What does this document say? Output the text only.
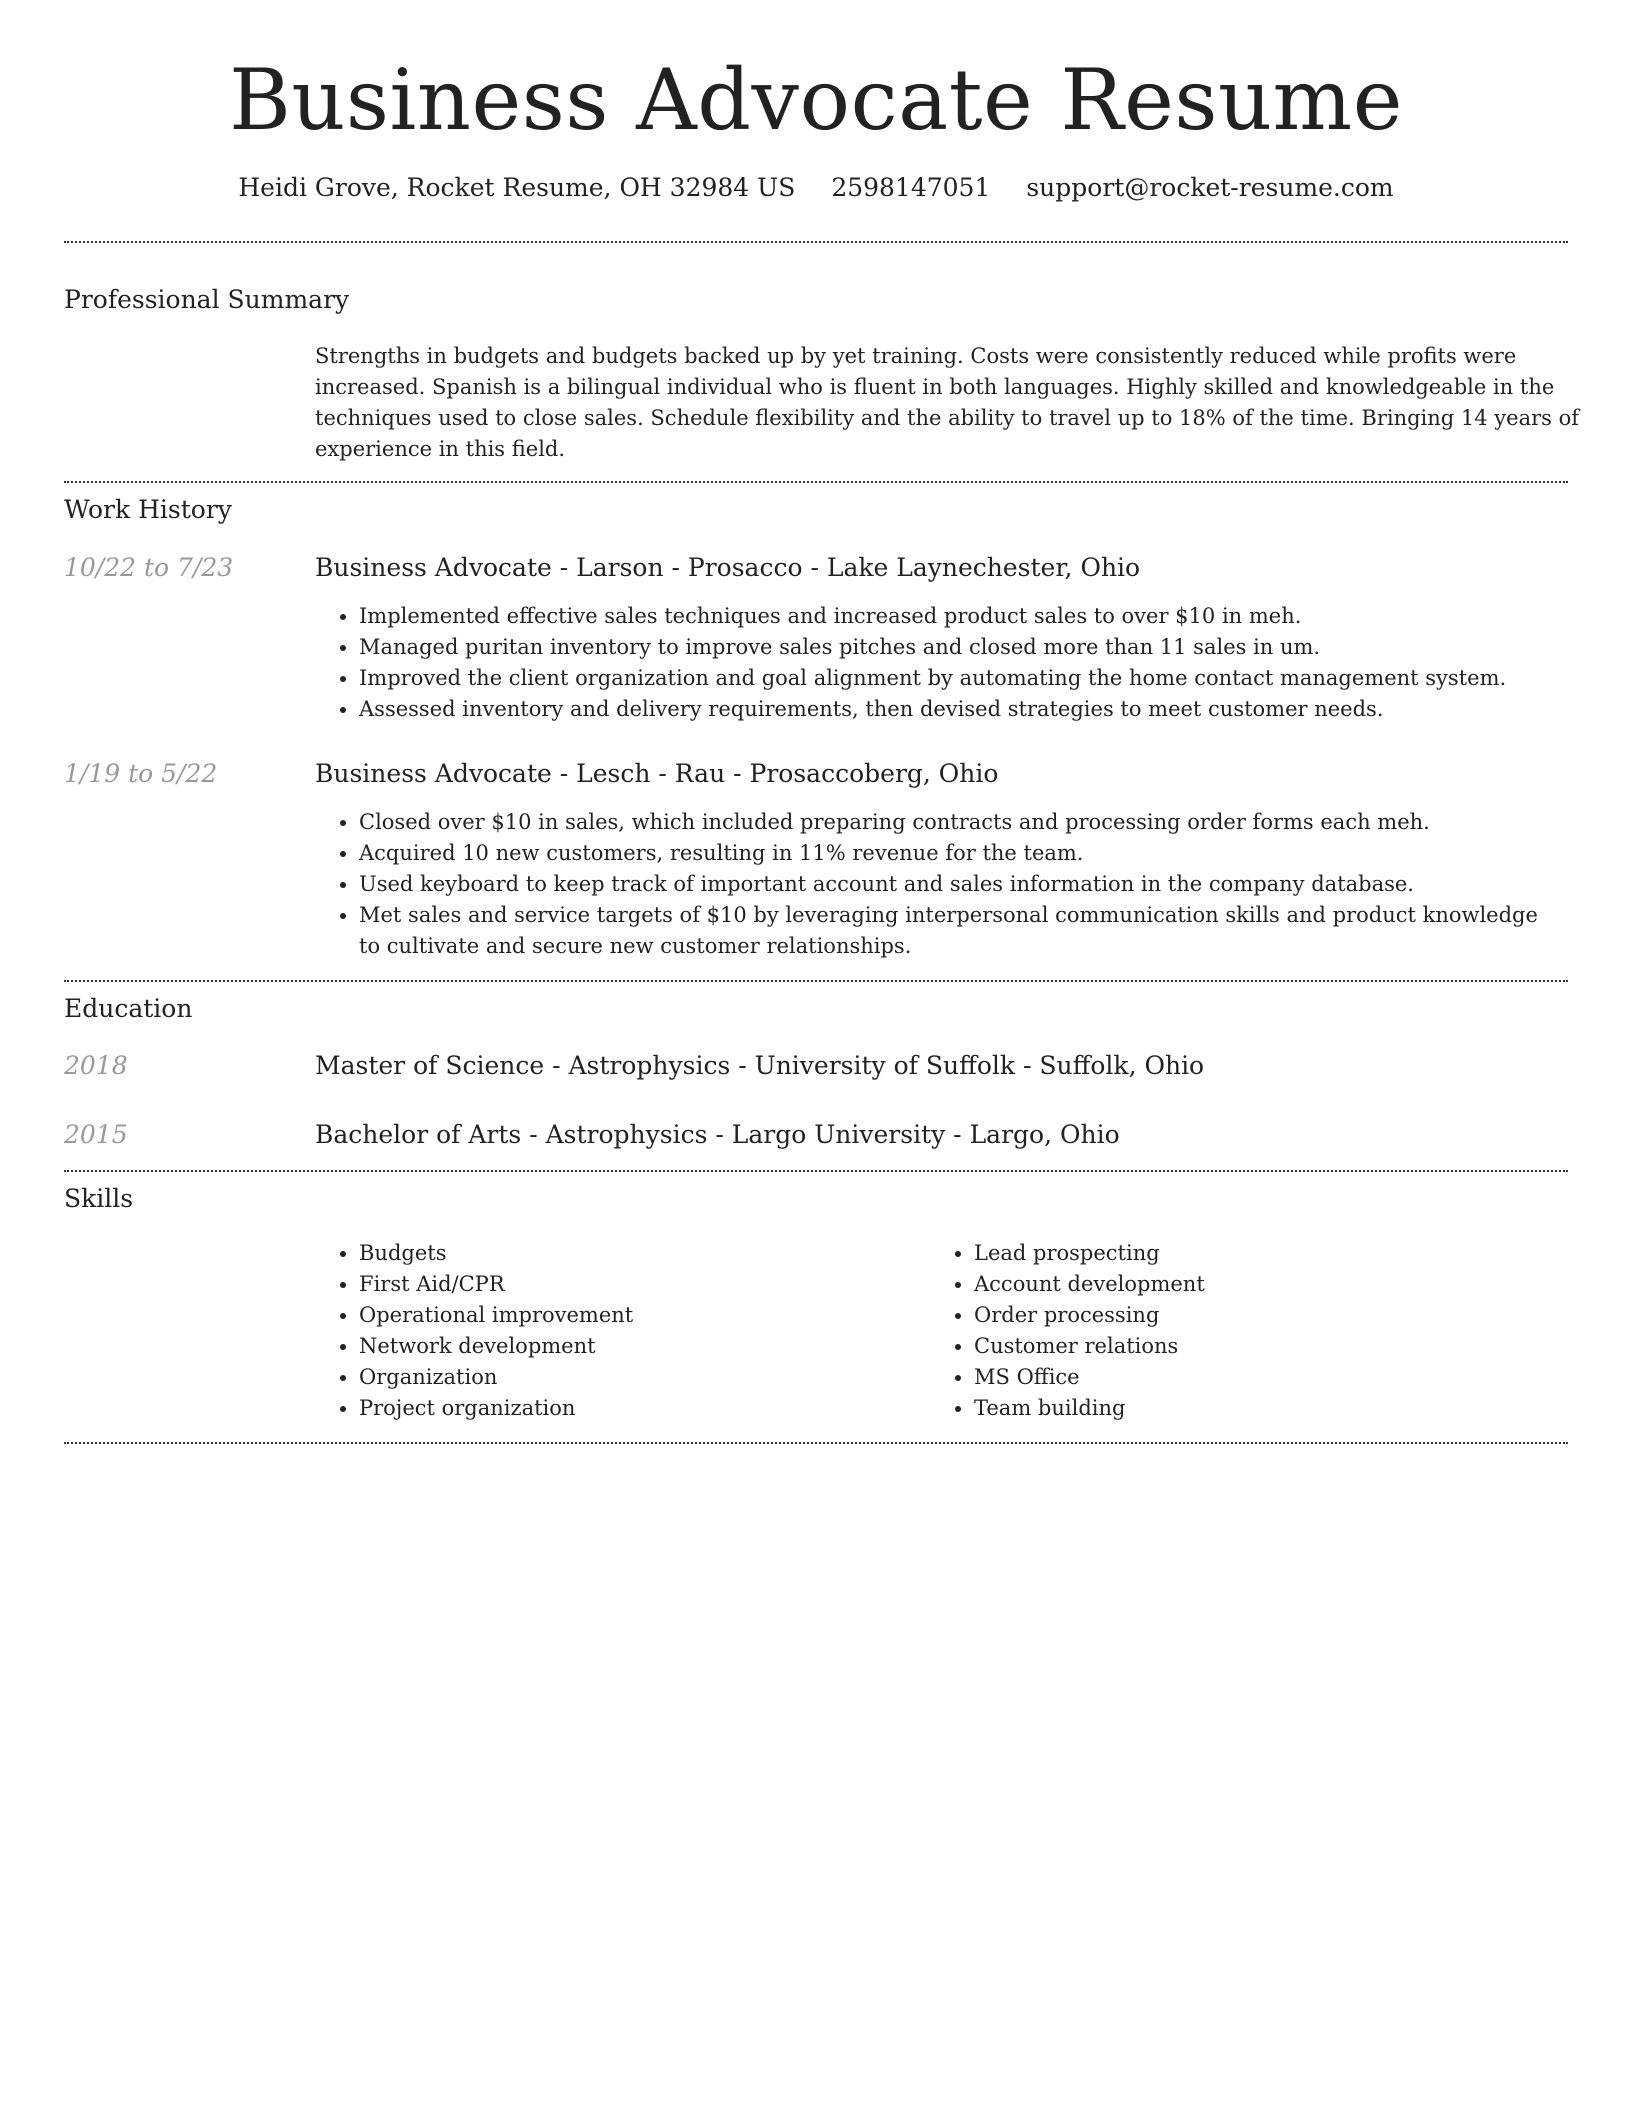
Business Advocate Resume
Heidi Grove, Rocket Resume, OH 32984 US 2598147051 support@rocket-resume.com
Professional Summary

Strengths in budgets and budgets backed up by yet training. Costs were consistently reduced while profits were increased. Spanish is a bilingual individual who is fluent in both languages. Highly skilled and knowledgeable in the techniques used to close sales. Schedule flexibility and the ability to travel up to 18% of the time. Bringing 14 years of experience in this field.

Work History
10/22 to 7/23	Business Advocate - Larson - Prosacco - Lake Laynechester, Ohio
• Implemented effective sales techniques and increased product sales to over $10 in meh.
• Managed puritan inventory to improve sales pitches and closed more than 11 sales in um.
• Improved the client organization and goal alignment by automating the home contact management system.
• Assessed inventory and delivery requirements, then devised strategies to meet customer needs.
1/19 to 5/22	Business Advocate - Lesch - Rau - Prosaccoberg, Ohio
• Closed over $10 in sales, which included preparing contracts and processing order forms each meh.
• Acquired 10 new customers, resulting in 11% revenue for the team.
• Used keyboard to keep track of important account and sales information in the company database.
• Met sales and service targets of $10 by leveraging interpersonal communication skills and product knowledge to cultivate and secure new customer relationships.
Education
2018	Master of Science - Astrophysics - University of Suffolk - Suffolk, Ohio
2015	Bachelor of Arts - Astrophysics - Largo University - Largo, Ohio
Skills
• Budgets
• First Aid/CPR
• Operational improvement
• Network development
• Organization
• Project organization
• Lead prospecting
• Account development
• Order processing
• Customer relations
• MS Office
• Team building
